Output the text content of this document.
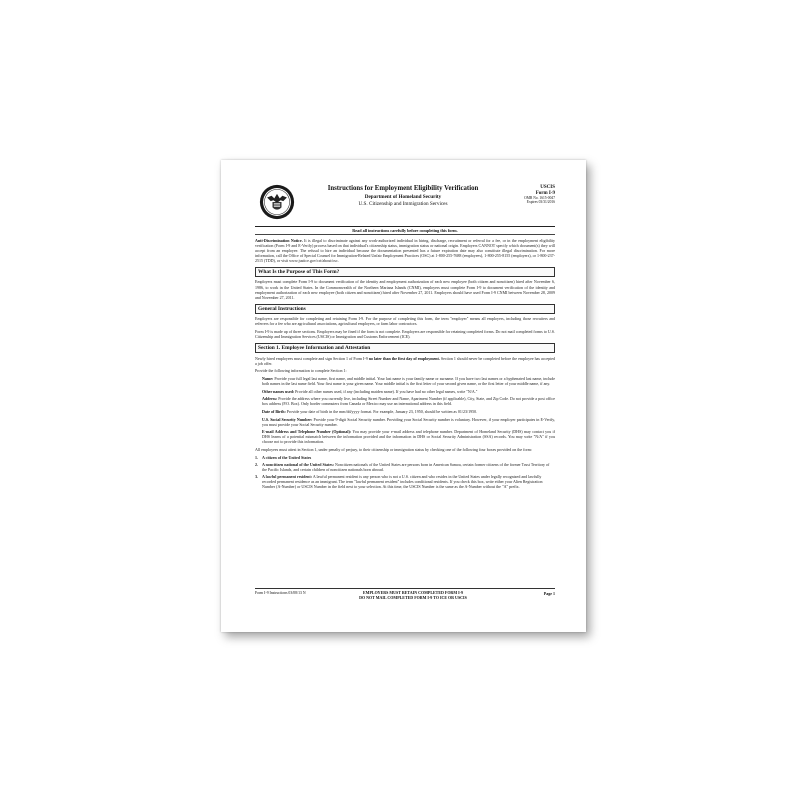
Instructions for Employment Eligibility Verification
Department of Homeland Security
U.S. Citizenship and Immigration Services
USCIS
Form I-9
OMB No. 1615-0047
Expires 03/31/2016
Read all instructions carefully before completing this form.
Anti-Discrimination Notice. It is illegal to discriminate against any work-authorized individual in hiring, discharge, recruitment or referral for a fee, or in the employment eligibility verification (Form I-9 and E-Verify) process based on that individual's citizenship status, immigration status or national origin. Employers CANNOT specify which document(s) they will accept from an employee. The refusal to hire an individual because the documentation presented has a future expiration date may also constitute illegal discrimination. For more information, call the Office of Special Counsel for Immigration-Related Unfair Employment Practices (OSC) at 1-800-255-7688 (employees), 1-800-255-8155 (employers), or 1-800-237-2515 (TDD), or visit www.justice.gov/crt/about/osc.
What Is the Purpose of This Form?
Employers must complete Form I-9 to document verification of the identity and employment authorization of each new employee (both citizen and noncitizen) hired after November 6, 1986, to work in the United States. In the Commonwealth of the Northern Mariana Islands (CNMI), employers must complete Form I-9 to document verification of the identity and employment authorization of each new employee (both citizen and noncitizen) hired after November 27, 2011. Employers should have used Form I-9 CNMI between November 28, 2009 and November 27, 2011.
General Instructions
Employers are responsible for completing and retaining Form I-9. For the purpose of completing this form, the term "employer" means all employers, including those recruiters and referrers for a fee who are agricultural associations, agricultural employers, or farm labor contractors.
Form I-9 is made up of three sections. Employers may be fined if the form is not complete. Employers are responsible for retaining completed forms. Do not mail completed forms to U.S. Citizenship and Immigration Services (USCIS) or Immigration and Customs Enforcement (ICE).
Section 1. Employee Information and Attestation
Newly hired employees must complete and sign Section 1 of Form I-9 no later than the first day of employment. Section 1 should never be completed before the employee has accepted a job offer.
Provide the following information to complete Section 1:
Name: Provide your full legal last name, first name, and middle initial. Your last name is your family name or surname. If you have two last names or a hyphenated last name, include both names in the last name field. Your first name is your given name. Your middle initial is the first letter of your second given name, or the first letter of your middle name, if any.
Other names used: Provide all other names used, if any (including maiden name). If you have had no other legal names, write "N/A."
Address: Provide the address where you currently live, including Street Number and Name, Apartment Number (if applicable), City, State, and Zip Code. Do not provide a post office box address (P.O. Box). Only border commuters from Canada or Mexico may use an international address in this field.
Date of Birth: Provide your date of birth in the mm/dd/yyyy format. For example, January 23, 1950, should be written as 01/23/1950.
U.S. Social Security Number: Provide your 9-digit Social Security number. Providing your Social Security number is voluntary. However, if your employer participates in E-Verify, you must provide your Social Security number.
E-mail Address and Telephone Number (Optional): You may provide your e-mail address and telephone number. Department of Homeland Security (DHS) may contact you if DHS learns of a potential mismatch between the information provided and the information in DHS or Social Security Administration (SSA) records. You may write "N/A" if you choose not to provide this information.
All employees must attest in Section 1, under penalty of perjury, to their citizenship or immigration status by checking one of the following four boxes provided on the form:
1.	A citizen of the United States
2.	A noncitizen national of the United States: Noncitizen nationals of the United States are persons born in American Samoa, certain former citizens of the former Trust Territory of the Pacific Islands, and certain children of noncitizen nationals born abroad.
3.	A lawful permanent resident: A lawful permanent resident is any person who is not a U.S. citizen and who resides in the United States under legally recognized and lawfully recorded permanent residence as an immigrant. The term "lawful permanent resident" includes conditional residents. If you check this box, write either your Alien Registration Number (A-Number) or USCIS Number in the field next to your selection. At this time, the USCIS Number is the same as the A-Number without the "A" prefix.
Form I-9 Instructions 03/08/13 N	EMPLOYERS MUST RETAIN COMPLETED FORM I-9
DO NOT MAIL COMPLETED FORM I-9 TO ICE OR USCIS
Page 1
